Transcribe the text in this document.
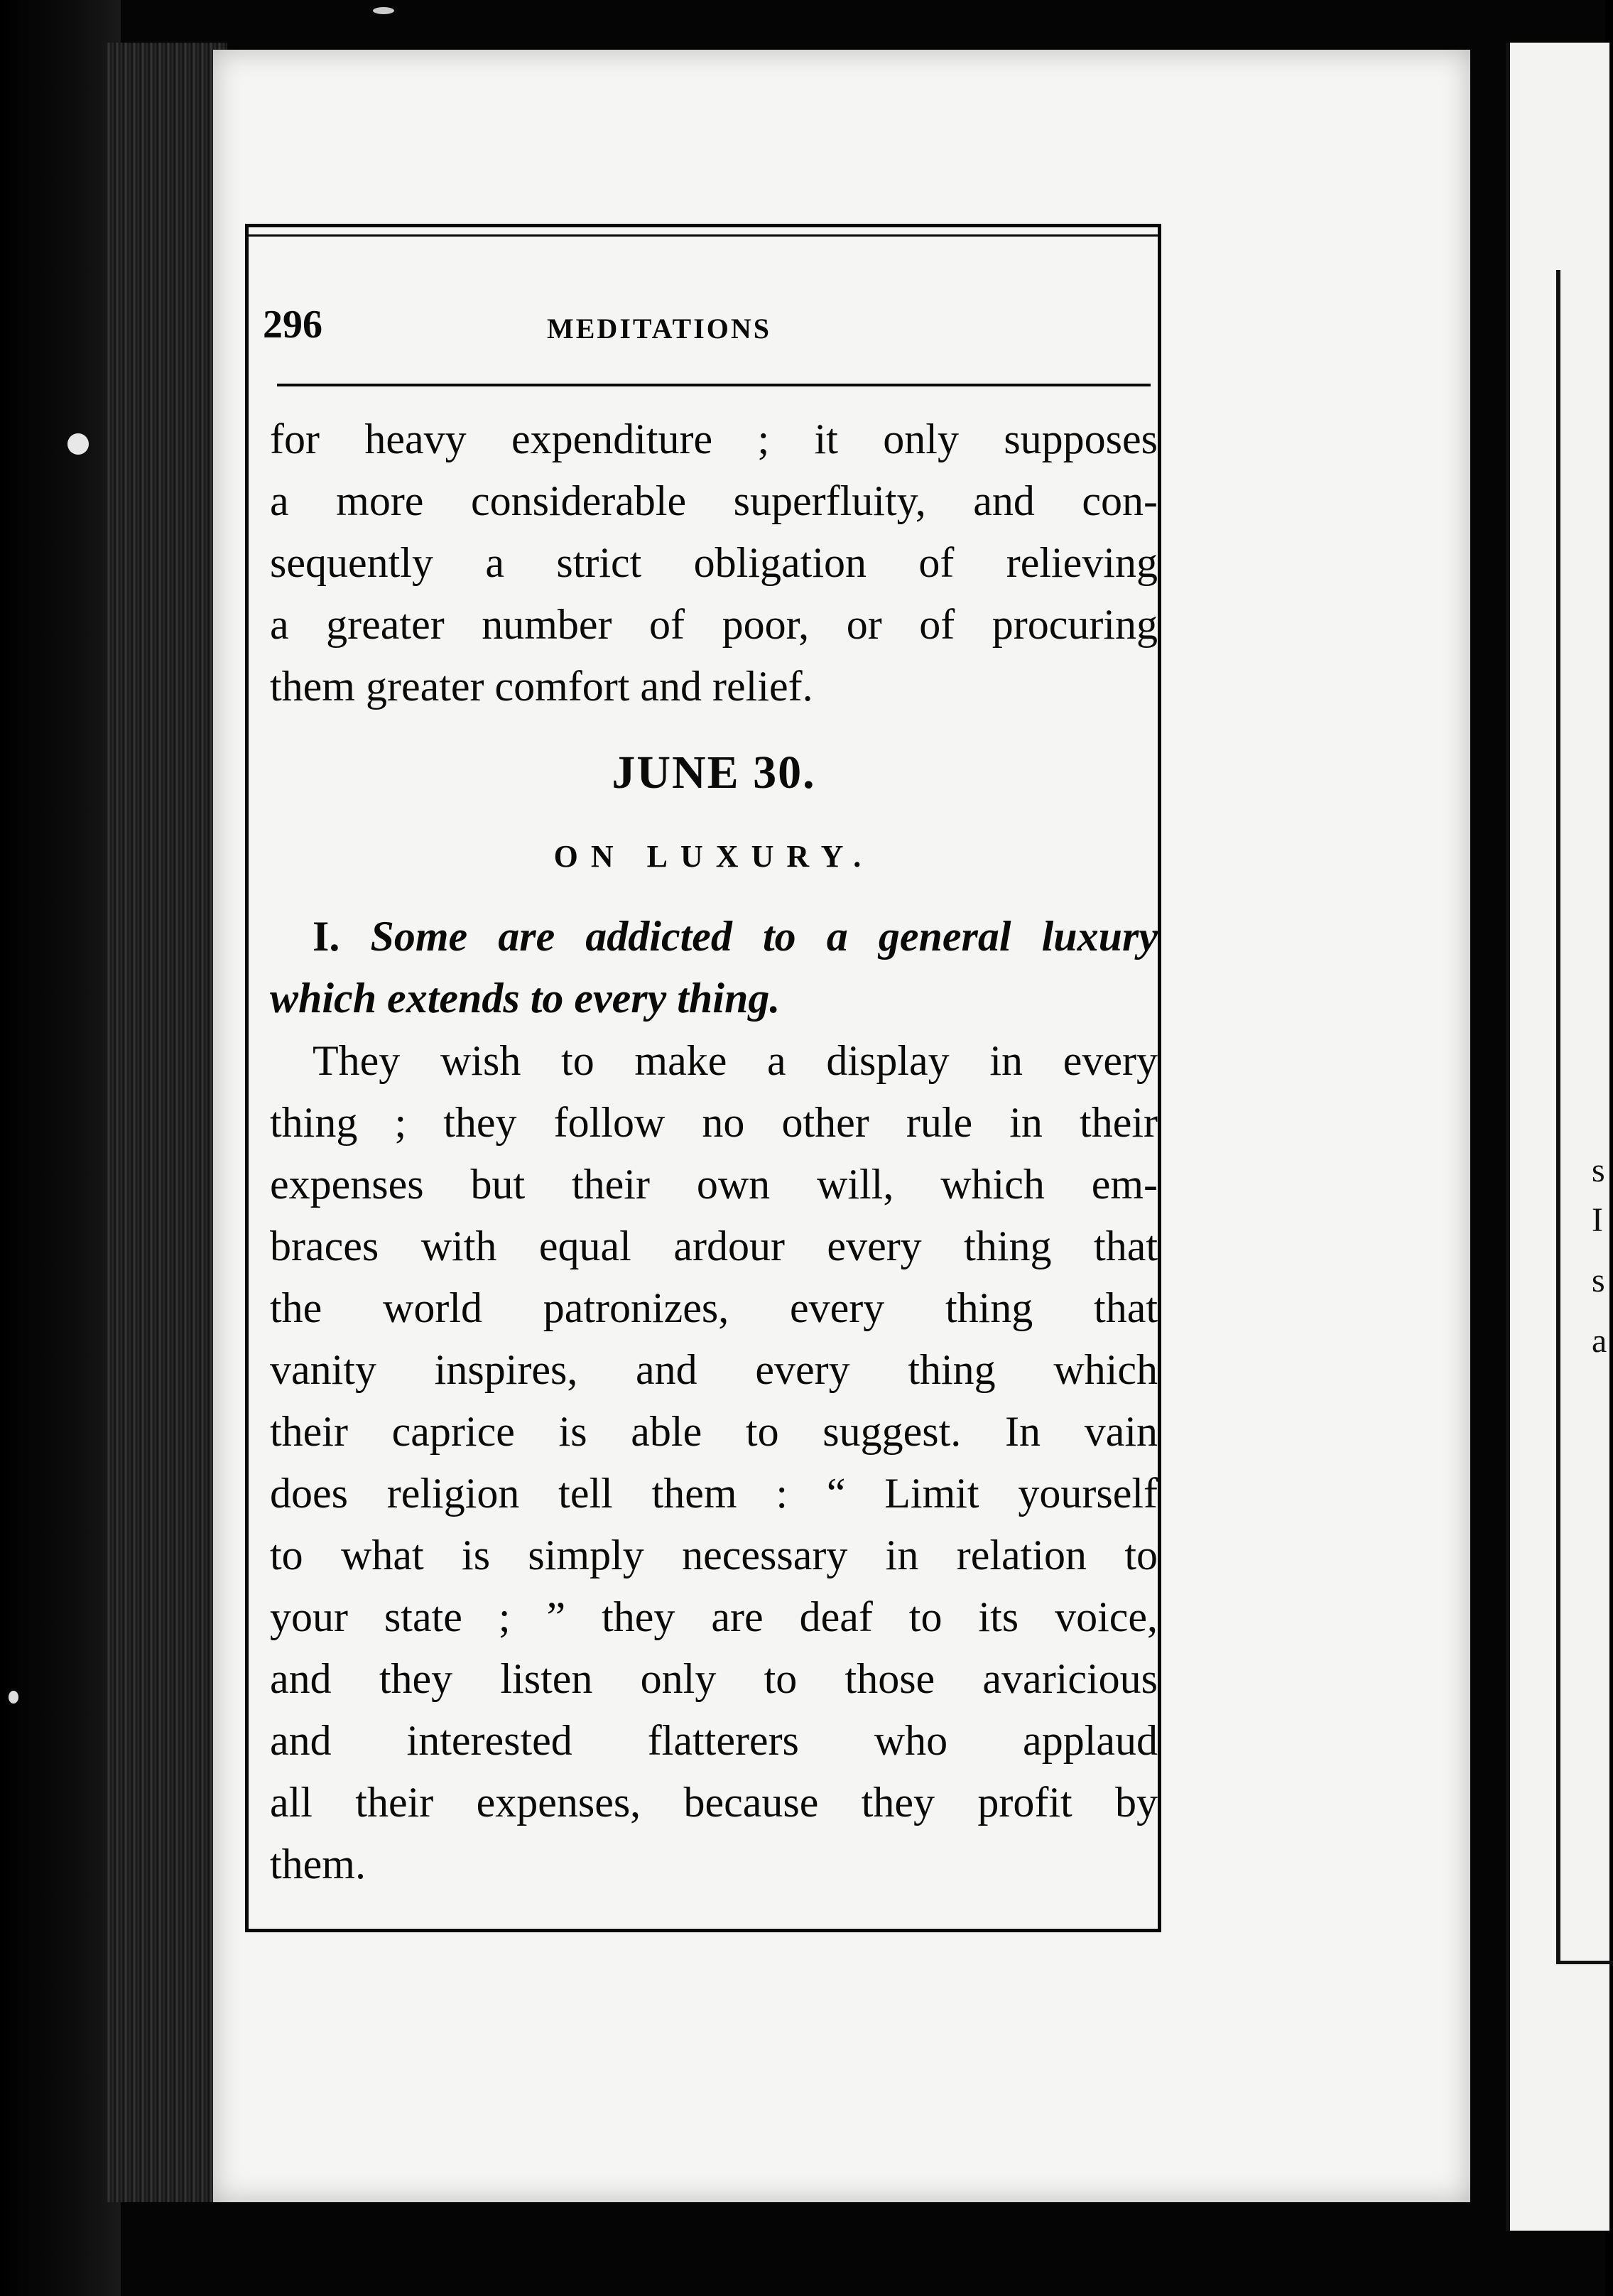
s
I
s
a
296	MEDITATIONS
for heavy expenditure ; it only supposes
a more considerable superfluity, and con-
sequently a strict obligation of relieving
a greater number of poor, or of procuring
them greater comfort and relief.
JUNE 30.
ON LUXURY.
I. Some are addicted to a general luxury
which extends to every thing.
They wish to make a display in every
thing ; they follow no other rule in their
expenses but their own will, which em-
braces with equal ardour every thing that
the world patronizes, every thing that
vanity inspires, and every thing which
their caprice is able to suggest. In vain
does religion tell them : “ Limit yourself
to what is simply necessary in relation to
your state ; ” they are deaf to its voice,
and they listen only to those avaricious
and interested flatterers who applaud
all their expenses, because they profit by
them.
